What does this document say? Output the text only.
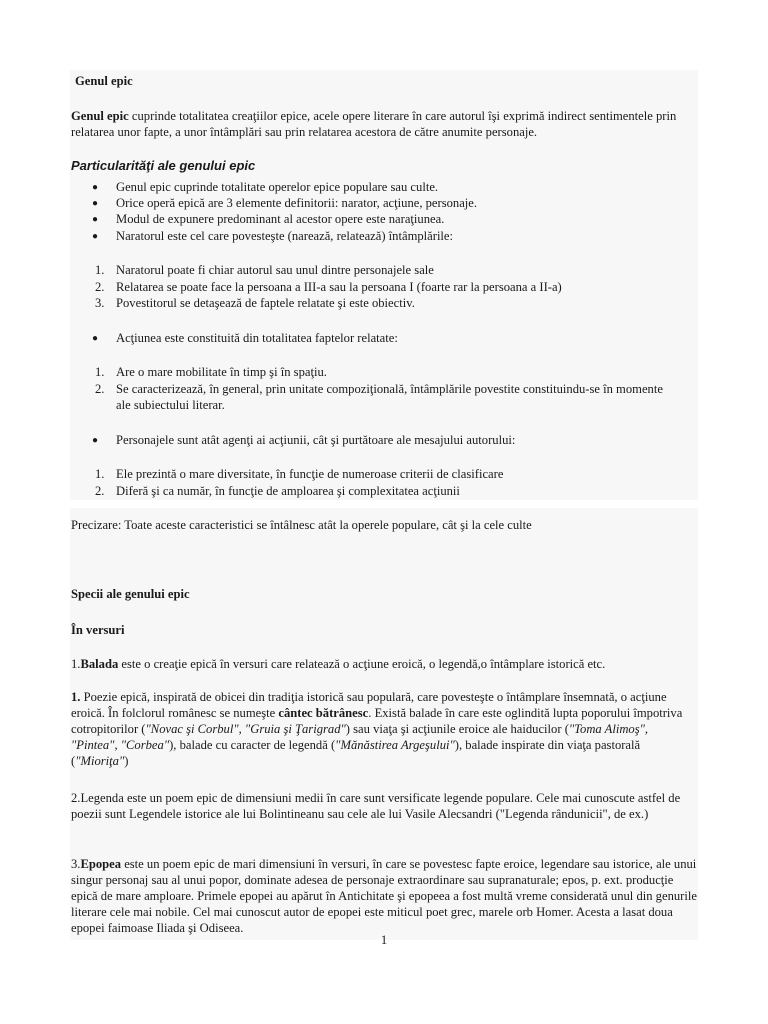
Genul epic

Genul epic cuprinde totalitatea creaţiilor epice, acele opere literare în care autorul îşi exprimă indirect sentimentele prin relatarea unor fapte, a unor întâmplări sau prin relatarea acestora de către anumite personaje.

Particularităţi ale genului epic
● Genul epic cuprinde totalitate operelor epice populare sau culte.
● Orice operă epică are 3 elemente definitorii: narator, acţiune, personaje.
● Modul de expunere predominant al acestor opere este naraţiunea.
● Naratorul este cel care povesteşte (narează, relatează) întâmplările:
1. Naratorul poate fi chiar autorul sau unul dintre personajele sale
2. Relatarea se poate face la persoana a III-a sau la persoana I (foarte rar la persoana a II-a)
3. Povestitorul se detaşează de faptele relatate şi este obiectiv.
● Acţiunea este constituită din totalitatea faptelor relatate:
1. Are o mare mobilitate în timp şi în spaţiu.
2. Se caracterizează, în general, prin unitate compoziţională, întâmplările povestite constituindu-se în momente ale subiectului literar.
● Personajele sunt atât agenţi ai acţiunii, cât şi purtătoare ale mesajului autorului:
1. Ele prezintă o mare diversitate, în funcţie de numeroase criterii de clasificare
2. Diferă şi ca număr, în funcţie de amploarea şi complexitatea acţiunii
Precizare: Toate aceste caracteristici se întâlnesc atât la operele populare, cât şi la cele culte
Specii ale genului epic
În versuri

1.Balada este o creaţie epică în versuri care relatează o acţiune eroică, o legendă,o întâmplare istorică etc.

1. Poezie epică, inspirată de obicei din tradiţia istorică sau populară, care povesteşte o întâmplare însemnată, o acţiune eroică. În folclorul românesc se numeşte cântec bătrânesc. Există balade în care este oglindită lupta poporului împotriva cotropitorilor ("Novac şi Corbul", "Gruia şi Ţarigrad") sau viaţa şi acţiunile eroice ale haiducilor ("Toma Alimoş", "Pintea", "Corbea"), balade cu caracter de legendă ("Mănăstirea Argeşului"), balade inspirate din viaţa pastorală ("Mioriţa")

2.Legenda este un poem epic de dimensiuni medii în care sunt versificate legende populare. Cele mai cunoscute astfel de poezii sunt Legendele istorice ale lui Bolintineanu sau cele ale lui Vasile Alecsandri ("Legenda rândunicii", de ex.)

3.Epopea este un poem epic de mari dimensiuni în versuri, în care se povestesc fapte eroice, legendare sau istorice, ale unui singur personaj sau al unui popor, dominate adesea de personaje extraordinare sau supranaturale; epos, p. ext. producţie epică de mare amploare. Primele epopei au apărut în Antichitate şi epopeea a fost multă vreme considerată unul din genurile literare cele mai nobile. Cel mai cunoscut autor de epopei este miticul poet grec, marele orb Homer. Acesta a lasat doua epopei faimoase Iliada şi Odiseea.

1
